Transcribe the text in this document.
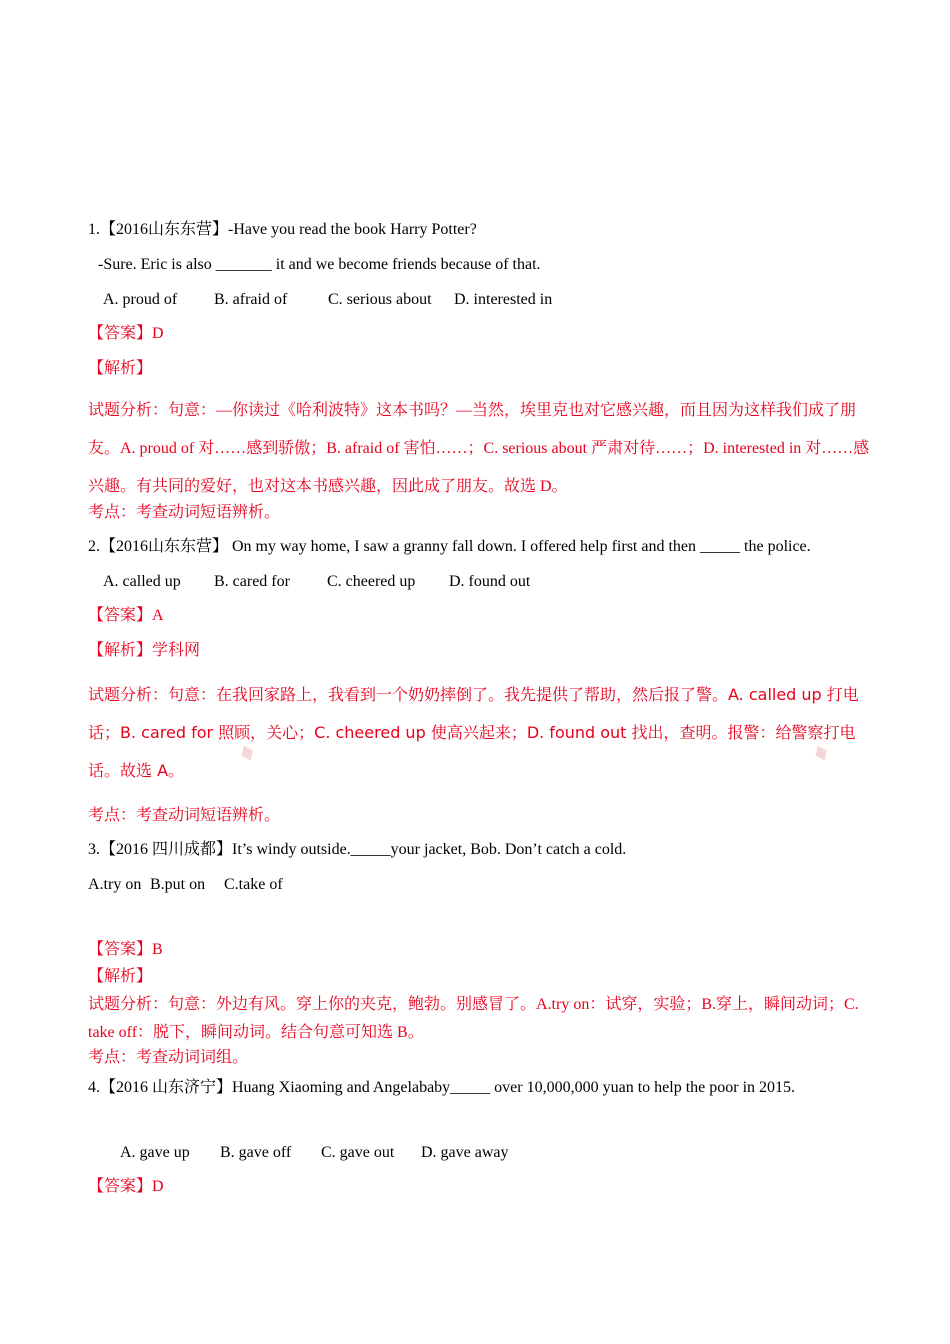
1.【2016山东东营】-Have you read the book Harry Potter?
-Sure. Eric is also _______ it and we become friends because of that.
A. proud of B. afraid of	C. serious about D. interested in
【答案】D
【解析】
试题分析：句意：—你读过《哈利波特》这本书吗？—当然，埃里克也对它感兴趣，而且因为这样我们成了朋友。A. proud of 对……感到骄傲；B. afraid of 害怕……；C. serious about 严肃对待……；D. interested in 对……感兴趣。有共同的爱好，也对这本书感兴趣，因此成了朋友。故选 D。
考点：考查动词短语辨析。
2.【2016山东东营】 On my way home, I saw a granny fall down. I offered help first and then _____ the police.
A. called up B. cared for C. cheered up D. found out
【答案】A
【解析】学科网
试题分析：句意：在我回家路上，我看到一个奶奶摔倒了。我先提供了帮助，然后报了警。A. called up 打电话；B. cared for 照顾，关心；C. cheered up 使高兴起来；D. found out 找出，查明。报警：给警察打电话。故选 A。
♦	♦
考点：考查动词短语辨析。
3.【2016 四川成都】It’s windy outside._____your jacket, Bob. Don’t catch a cold.
A.try on B.put on C.take of
【答案】B
【解析】
试题分析：句意：外边有风。穿上你的夹克，鲍勃。别感冒了。A.try on：试穿，实验；B.穿上，瞬间动词；C. take off：脱下，瞬间动词。结合句意可知选 B。
考点：考查动词词组。
4.【2016 山东济宁】Huang Xiaoming and Angelababy_____ over 10,000,000 yuan to help the poor in 2015.
A. gave up B. gave off C. gave out D. gave away
【答案】D
